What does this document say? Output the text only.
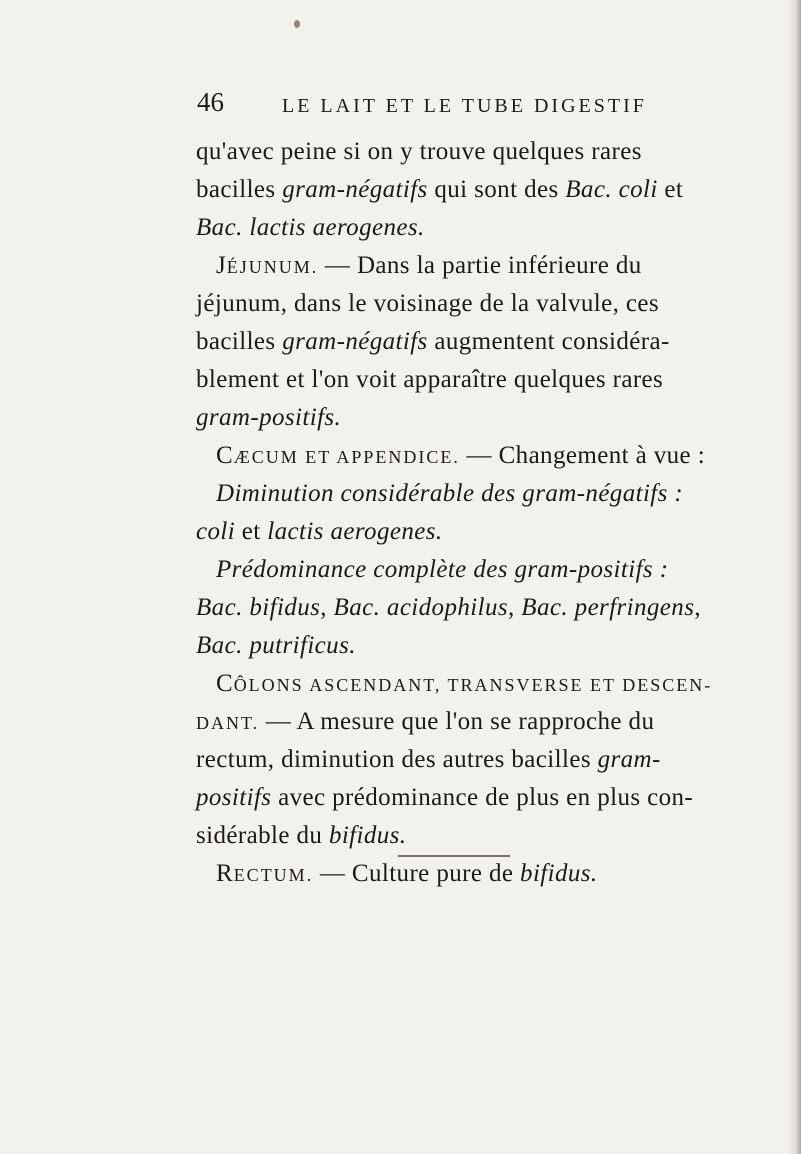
46	LE LAIT ET LE TUBE DIGESTIF
qu'avec peine si on y trouve quelques rares
bacilles gram-négatifs qui sont des Bac. coli et
Bac. lactis aerogenes.
JÉJUNUM. — Dans la partie inférieure du
jéjunum, dans le voisinage de la valvule, ces
bacilles gram-négatifs augmentent considéra-
blement et l'on voit apparaître quelques rares
gram-positifs.
CÆCUM ET APPENDICE. — Changement à vue :
Diminution considérable des gram-négatifs :
coli et lactis aerogenes.
Prédominance complète des gram-positifs :
Bac. bifidus, Bac. acidophilus, Bac. perfringens,
Bac. putrificus.
CÔLONS ASCENDANT, TRANSVERSE ET DESCEN-
DANT. — A mesure que l'on se rapproche du
rectum, diminution des autres bacilles gram-
positifs avec prédominance de plus en plus con-
sidérable du bifidus.
RECTUM. — Culture pure de bifidus.
